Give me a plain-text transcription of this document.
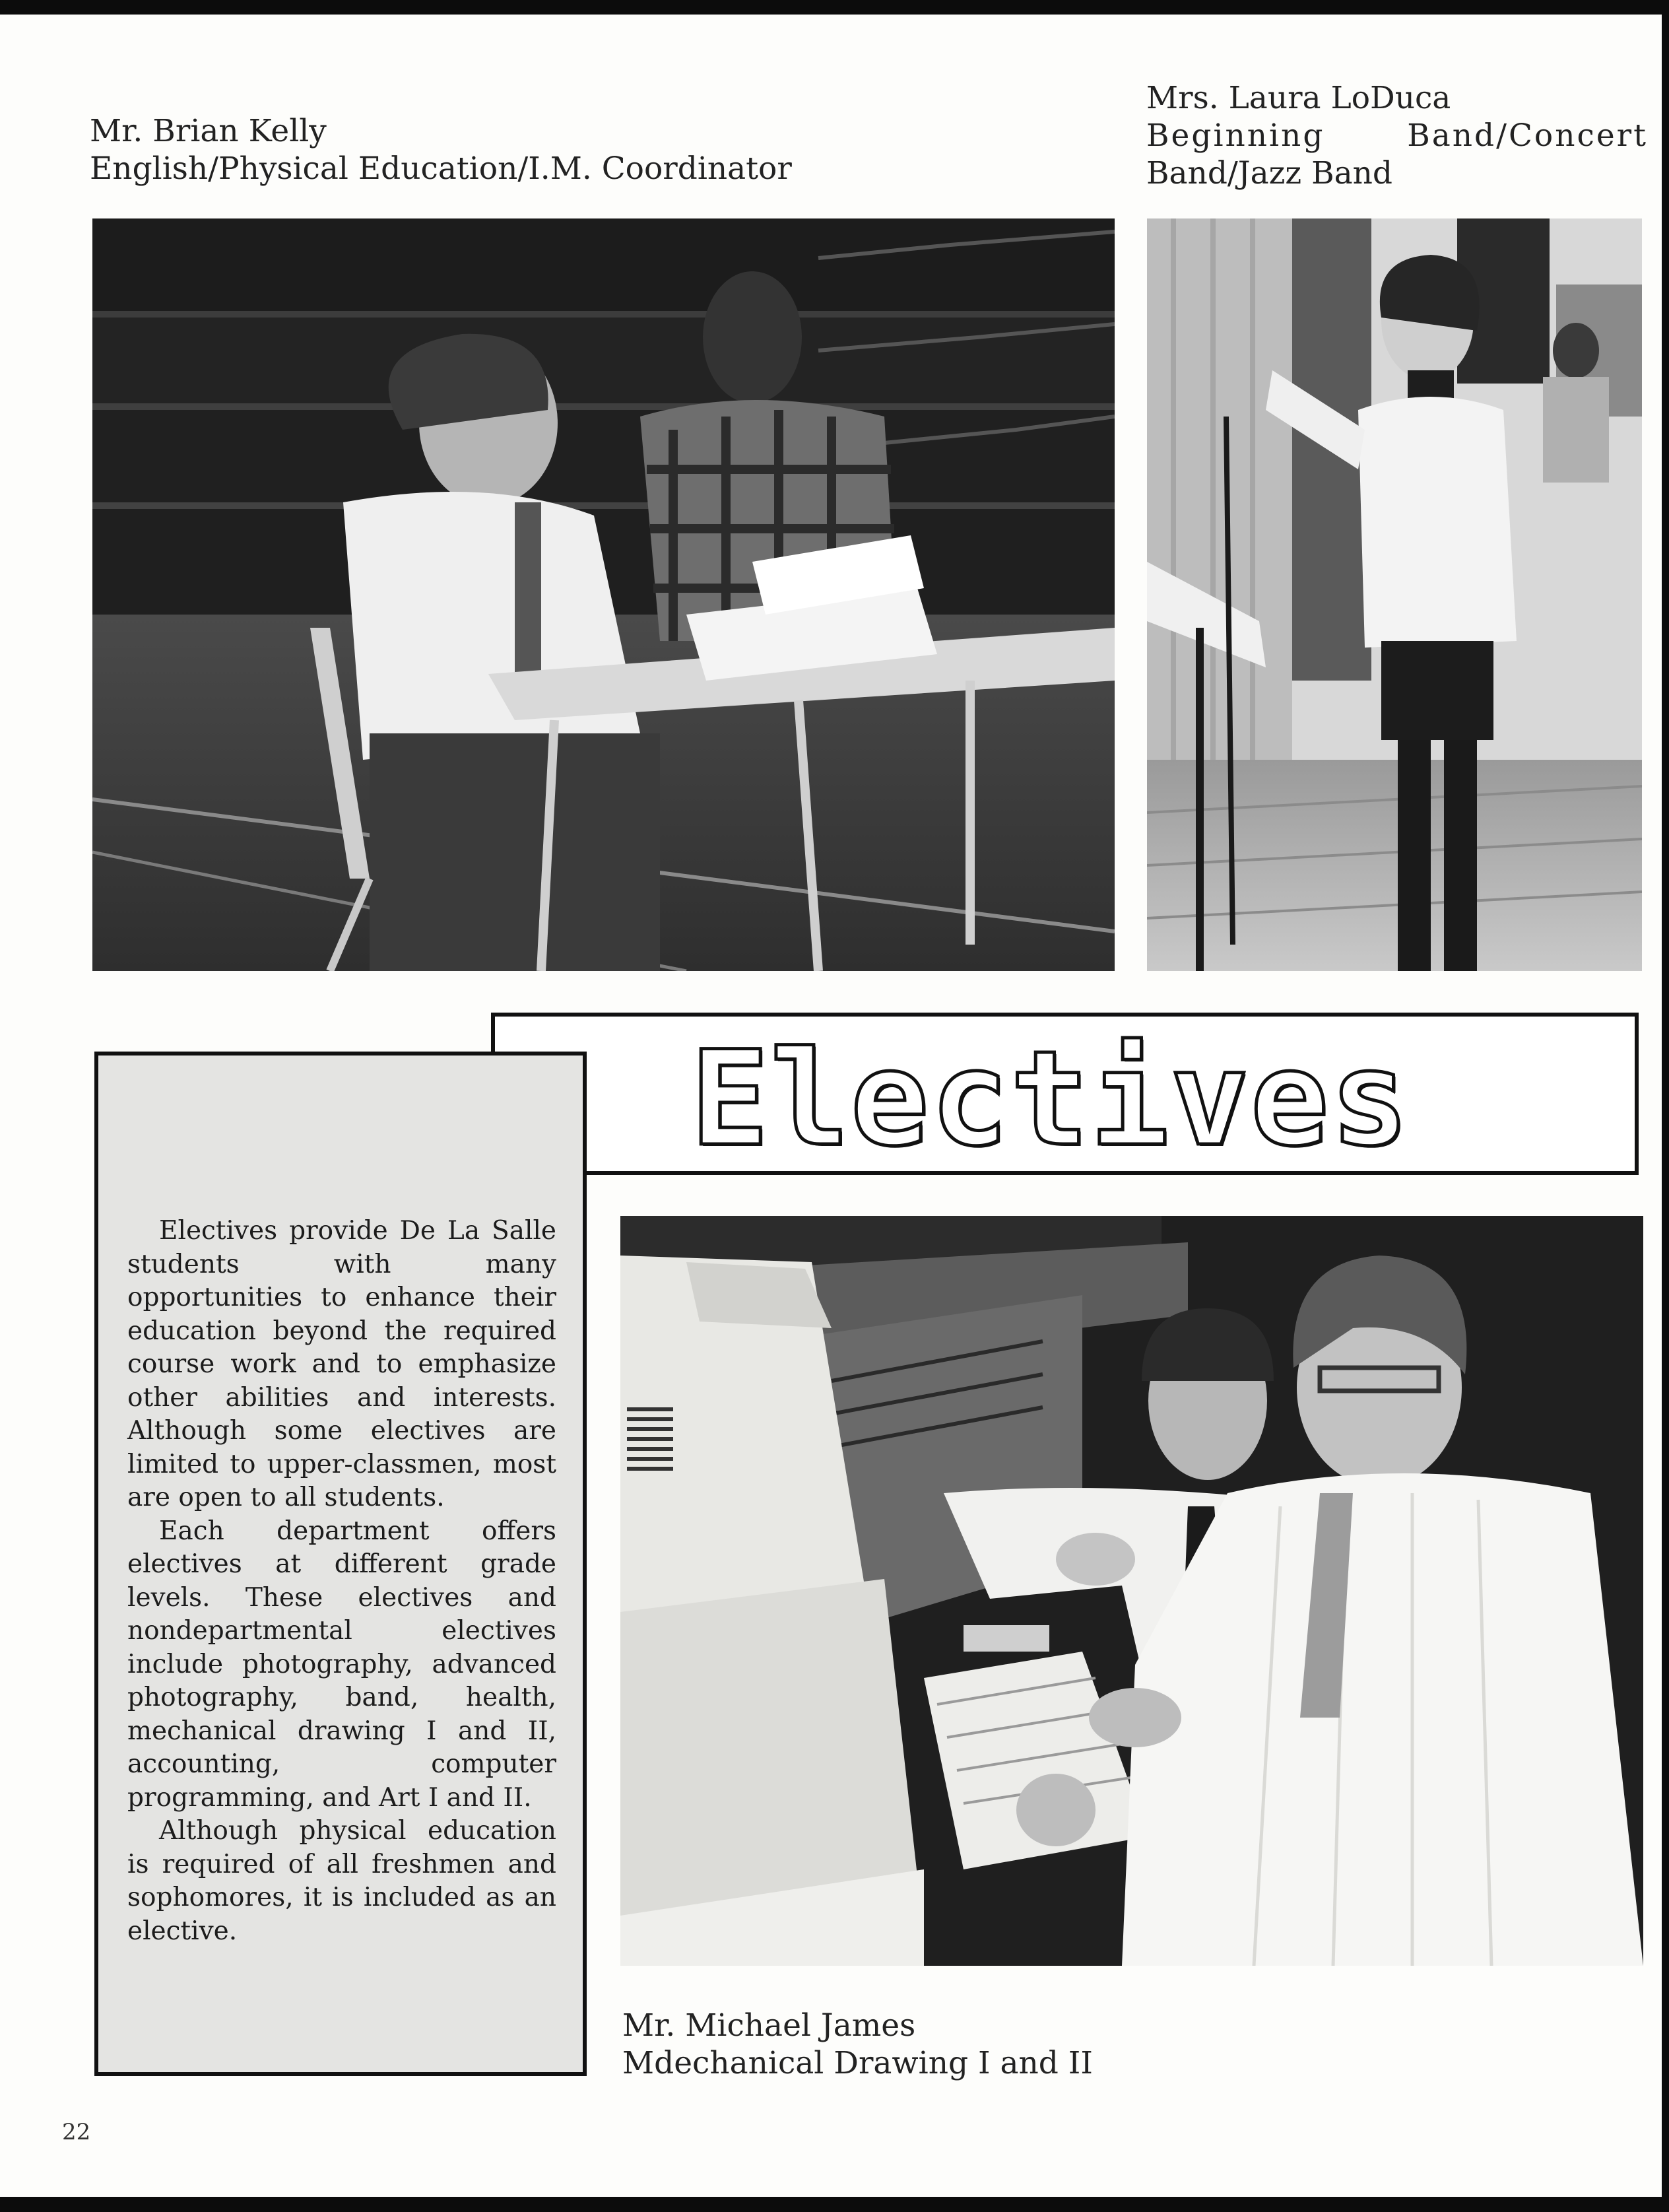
Mr. Brian Kelly
English/Physical Education/I.M. Coordinator
Mrs. Laura LoDuca
Beginning	Band/Concert
Band/Jazz Band
Electives

Electives provide De La Salle students with many opportunities to enhance their education beyond the required course work and to emphasize other abilities and interests. Although some electives are limited to upper-classmen, most are open to all students.

Each department offers electives at different grade levels. These electives and nondepartmental electives include photography, advanced photography, band, health, mechanical drawing I and II, accounting, computer programming, and Art I and II.

Although physical education is required of all freshmen and sophomores, it is included as an elective.

Mr. Michael James
Mdechanical Drawing I and II
22
